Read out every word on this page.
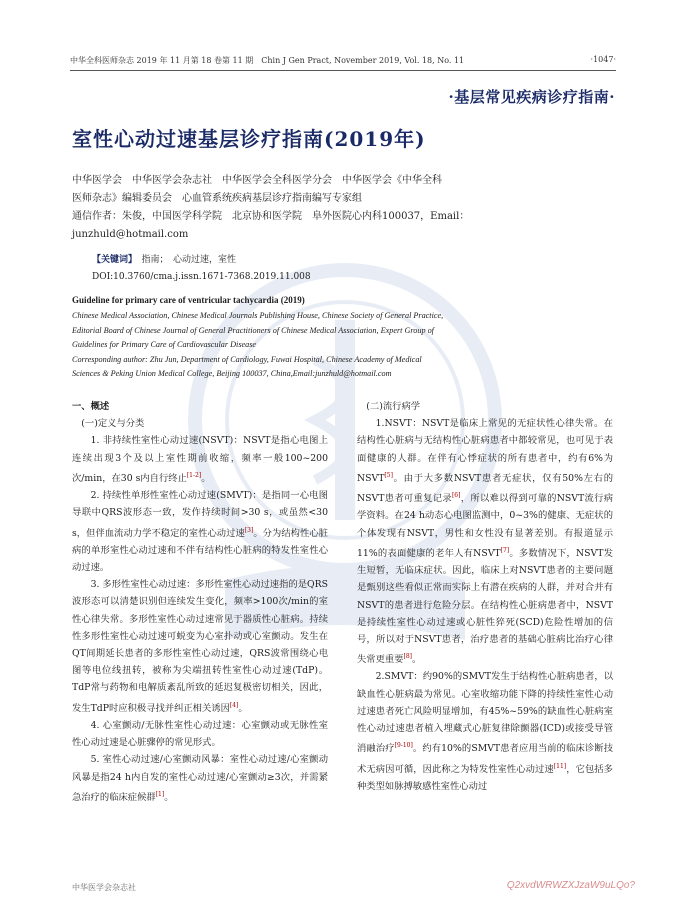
中华全科医师杂志 2019 年 11 月第 18 卷第 11 期　Chin J Gen Pract, November 2019, Vol. 18, No. 11	·1047·
·基层常见疾病诊疗指南·
室性心动过速基层诊疗指南(2019年)
中华医学会　中华医学会杂志社　中华医学会全科医学分会　中华医学会《中华全科
医师杂志》编辑委员会　心血管系统疾病基层诊疗指南编写专家组
通信作者：朱俊，中国医学科学院　北京协和医学院　阜外医院心内科100037，Email：
junzhuld@hotmail.com
【关键词】　 指南；　心动过速，室性
DOI:10.3760/cma.j.issn.1671-7368.2019.11.008
Guideline for primary care of ventricular tachycardia (2019)
Chinese Medical Association, Chinese Medical Journals Publishing House, Chinese Society of General Practice,
Editorial Board of Chinese Journal of General Practitioners of Chinese Medical Association, Expert Group of
Guidelines for Primary Care of Cardiovascular Disease
Corresponding author: Zhu Jun, Department of Cardiology, Fuwai Hospital, Chinese Academy of Medical
Sciences & Peking Union Medical College, Beijing 100037, China,Email:junzhuld@hotmail.com

一、概述

(一)定义与分类

1. 非持续性室性心动过速(NSVT)：NSVT是指心电图上连续出现3个及以上室性期前收缩，频率一般100~200次/min，在30 s内自行终止[1-2]。

2. 持续性单形性室性心动过速(SMVT)：是指同一心电图导联中QRS波形态一致，发作持续时间>30 s，或虽然<30 s，但伴血流动力学不稳定的室性心动过速[3]。分为结构性心脏病的单形室性心动过速和不伴有结构性心脏病的特发性室性心动过速。

3. 多形性室性心动过速：多形性室性心动过速指的是QRS波形态可以清楚识别但连续发生变化，频率>100次/min的室性心律失常。多形性室性心动过速常见于器质性心脏病。持续性多形性室性心动过速可蜕变为心室扑动或心室颤动。发生在QT间期延长患者的多形性室性心动过速，QRS波常围绕心电图等电位线扭转，被称为尖端扭转性室性心动过速(TdP)。TdP常与药物和电解质紊乱所致的延迟复极密切相关，因此，发生TdP时应积极寻找并纠正相关诱因[4]。

4. 心室颤动/无脉性室性心动过速：心室颤动或无脉性室性心动过速是心脏骤停的常见形式。

5. 室性心动过速/心室颤动风暴：室性心动过速/心室颤动风暴是指24 h内自发的室性心动过速/心室颤动≥3次，并需紧急治疗的临床症候群[1]。

(二)流行病学

1.NSVT：NSVT是临床上常见的无症状性心律失常。在结构性心脏病与无结构性心脏病患者中都较常见，也可见于表面健康的人群。在伴有心悸症状的所有患者中，约有6%为NSVT[5]。由于大多数NSVT患者无症状，仅有50%左右的NSVT患者可重复记录[6]，所以难以得到可靠的NSVT流行病学资料。在24 h动态心电图监测中，0~3%的健康、无症状的个体发现有NSVT，男性和女性没有显著差别。有报道显示11%的表面健康的老年人有NSVT[7]。多数情况下，NSVT发生短暂，无临床症状。因此，临床上对NSVT患者的主要问题是甄别这些看似正常而实际上有潜在疾病的人群，并对合并有NSVT的患者进行危险分层。在结构性心脏病患者中，NSVT是持续性室性心动过速或心脏性猝死(SCD)危险性增加的信号，所以对于NSVT患者，治疗患者的基础心脏病比治疗心律失常更重要[8]。

2.SMVT：约90%的SMVT发生于结构性心脏病患者，以缺血性心脏病最为常见。心室收缩功能下降的持续性室性心动过速患者死亡风险明显增加，有45%~59%的缺血性心脏病室性心动过速患者植入埋藏式心脏复律除颤器(ICD)或接受导管消融治疗[9-10]。约有10%的SMVT患者应用当前的临床诊断技术无病因可循，因此称之为特发性室性心动过速[11]，它包括多种类型如脉搏敏感性室性心动过

中华医学会杂志社	Q2xvdWRWZXJzaW9uLQo?
